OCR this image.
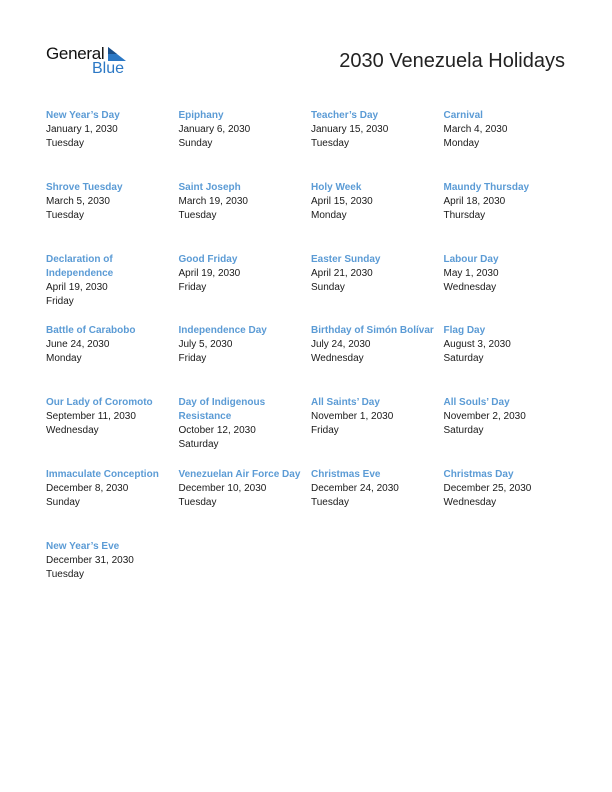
General
Blue	2030 Venezuela Holidays
New Year’s Day
January 1, 2030
Tuesday
Epiphany
January 6, 2030
Sunday
Teacher’s Day
January 15, 2030
Tuesday
Carnival
March 4, 2030
Monday
Shrove Tuesday
March 5, 2030
Tuesday
Saint Joseph
March 19, 2030
Tuesday
Holy Week
April 15, 2030
Monday
Maundy Thursday
April 18, 2030
Thursday
Declaration of Independence
April 19, 2030
Friday
Good Friday
April 19, 2030
Friday
Easter Sunday
April 21, 2030
Sunday
Labour Day
May 1, 2030
Wednesday
Battle of Carabobo
June 24, 2030
Monday
Independence Day
July 5, 2030
Friday
Birthday of Simón Bolívar
July 24, 2030
Wednesday
Flag Day
August 3, 2030
Saturday
Our Lady of Coromoto
September 11, 2030
Wednesday
Day of Indigenous Resistance
October 12, 2030
Saturday
All Saints’ Day
November 1, 2030
Friday
All Souls’ Day
November 2, 2030
Saturday
Immaculate Conception
December 8, 2030
Sunday
Venezuelan Air Force Day
December 10, 2030
Tuesday
Christmas Eve
December 24, 2030
Tuesday
Christmas Day
December 25, 2030
Wednesday
New Year’s Eve
December 31, 2030
Tuesday
